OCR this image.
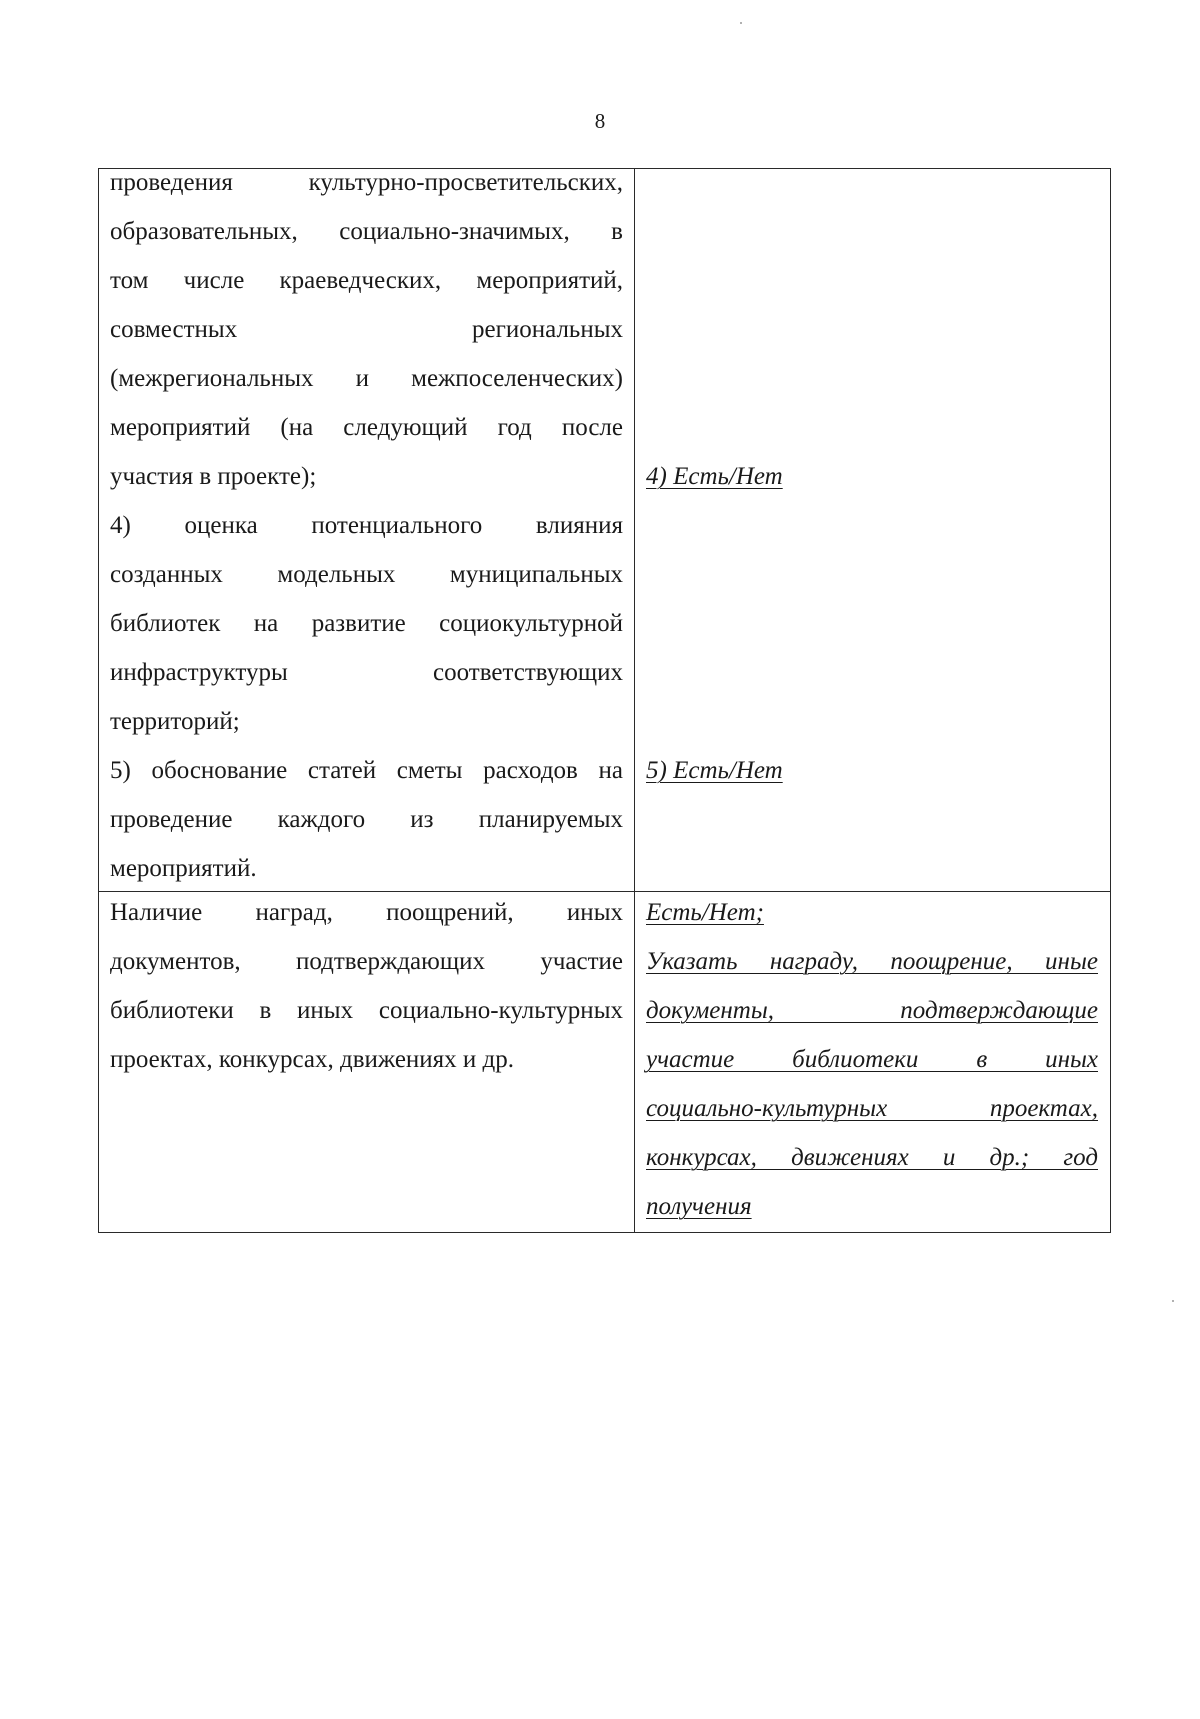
8
проведения культурно-просветительских,
образовательных, социально-значимых, в
том числе краеведческих, мероприятий,
совместных региональных
(межрегиональных и межпоселенческих)
мероприятий (на следующий год после
участия в проекте);
4) оценка потенциального влияния
созданных модельных муниципальных
библиотек на развитие социокультурной
инфраструктуры соответствующих
территорий;
5) обоснование статей сметы расходов на
проведение каждого из планируемых
мероприятий.
4) Есть/Нет
5) Есть/Нет
Наличие наград, поощрений, иных
документов, подтверждающих участие
библиотеки в иных социально-культурных
проектах, конкурсах, движениях и др.
Есть/Нет;
Указать награду, поощрение, иные
документы, подтверждающие
участие библиотеки в иных
социально-культурных проектах,
конкурсах, движениях и др.; год
получения
